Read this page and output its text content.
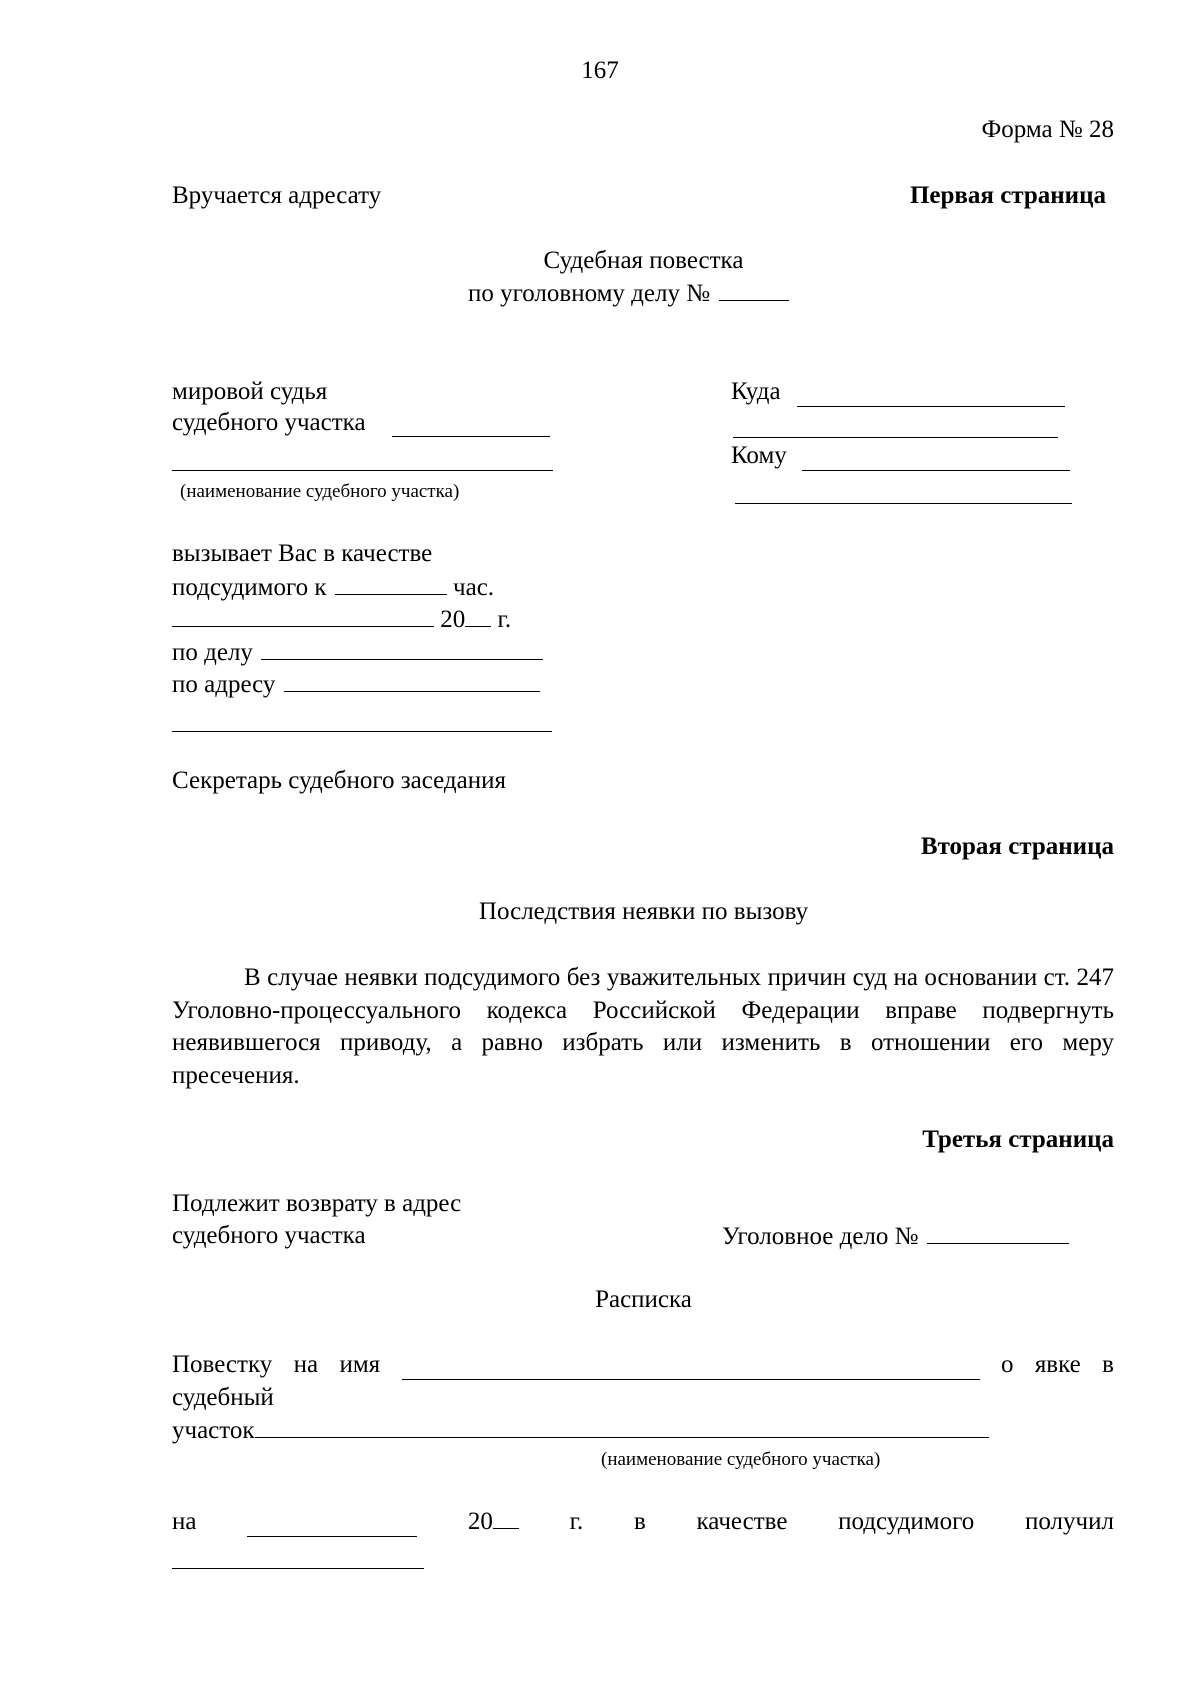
167
Форма № 28
Вручается адресату	Первая страница
Судебная повестка
по уголовному делу №
мировой судья
судебного участка
(наименование судебного участка)
Куда
Кому
вызывает Вас в качестве
подсудимого к	час.
20 г.
по делу
по адресу
Секретарь судебного заседания
Вторая страница
Последствия неявки по вызову
В случае неявки подсудимого без уважительных причин суд на основании ст. 247 Уголовно-процессуального кодекса Российской Федерации вправе подвергнуть неявившегося приводу, а равно избрать или изменить в отношении его меру пресечения.
Третья страница
Подлежит возврату в адрес
судебного участка	Уголовное дело №
Расписка
Повестку на имя	о явке в
судебный
участок
(наименование судебного участка)
на	20	г. в качестве подсудимого получил
